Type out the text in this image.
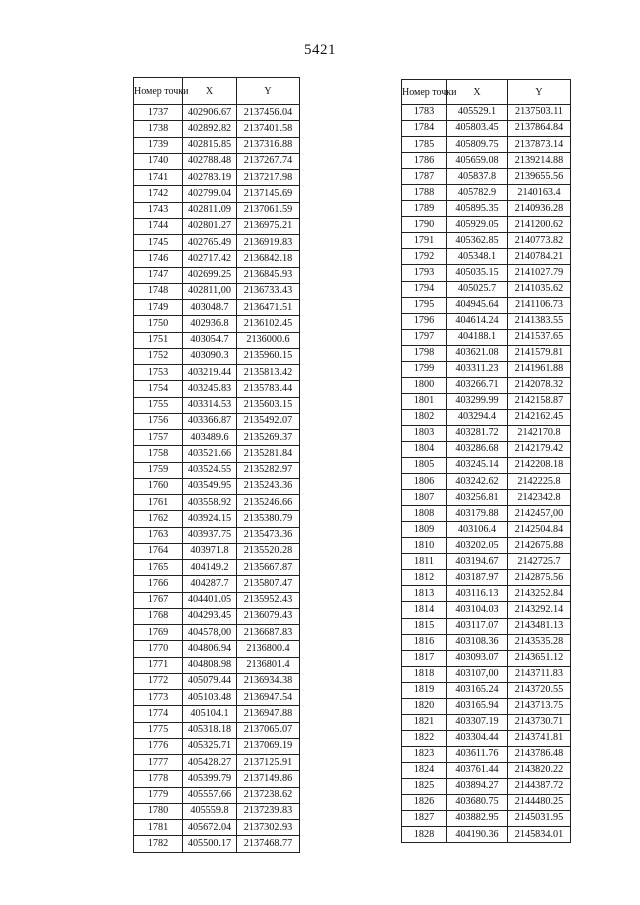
5421
Номер точки	X	Y
1737	402906.67	2137456.04
1738	402892.82	2137401.58
1739	402815.85	2137316.88
1740	402788.48	2137267.74
1741	402783.19	2137217.98
1742	402799.04	2137145.69
1743	402811.09	2137061.59
1744	402801.27	2136975.21
1745	402765.49	2136919.83
1746	402717.42	2136842.18
1747	402699.25	2136845.93
1748	402811,00	2136733.43
1749	403048.7	2136471.51
1750	402936.8	2136102.45
1751	403054.7	2136000.6
1752	403090.3	2135960.15
1753	403219.44	2135813.42
1754	403245.83	2135783.44
1755	403314.53	2135603.15
1756	403366.87	2135492.07
1757	403489.6	2135269.37
1758	403521.66	2135281.84
1759	403524.55	2135282.97
1760	403549.95	2135243.36
1761	403558.92	2135246.66
1762	403924.15	2135380.79
1763	403937.75	2135473.36
1764	403971.8	2135520.28
1765	404149.2	2135667.87
1766	404287.7	2135807.47
1767	404401.05	2135952.43
1768	404293.45	2136079.43
1769	404578,00	2136687.83
1770	404806.94	2136800.4
1771	404808.98	2136801.4
1772	405079.44	2136934.38
1773	405103.48	2136947.54
1774	405104.1	2136947.88
1775	405318.18	2137065.07
1776	405325.71	2137069.19
1777	405428.27	2137125.91
1778	405399.79	2137149.86
1779	405557.66	2137238.62
1780	405559.8	2137239.83
1781	405672.04	2137302.93
1782	405500.17	2137468.77
Номер точки	X	Y
1783	405529.1	2137503.11
1784	405803.45	2137864.84
1785	405809.75	2137873.14
1786	405659.08	2139214.88
1787	405837.8	2139655.56
1788	405782.9	2140163.4
1789	405895.35	2140936.28
1790	405929.05	2141200.62
1791	405362.85	2140773.82
1792	405348.1	2140784.21
1793	405035.15	2141027.79
1794	405025.7	2141035.62
1795	404945.64	2141106.73
1796	404614.24	2141383.55
1797	404188.1	2141537.65
1798	403621.08	2141579.81
1799	403311.23	2141961.88
1800	403266.71	2142078.32
1801	403299.99	2142158.87
1802	403294.4	2142162.45
1803	403281.72	2142170.8
1804	403286.68	2142179.42
1805	403245.14	2142208.18
1806	403242.62	2142225.8
1807	403256.81	2142342.8
1808	403179.88	2142457,00
1809	403106.4	2142504.84
1810	403202.05	2142675.88
1811	403194.67	2142725.7
1812	403187.97	2142875.56
1813	403116.13	2143252.84
1814	403104.03	2143292.14
1815	403117.07	2143481.13
1816	403108.36	2143535.28
1817	403093.07	2143651.12
1818	403107,00	2143711.83
1819	403165.24	2143720.55
1820	403165.94	2143713.75
1821	403307.19	2143730.71
1822	403304.44	2143741.81
1823	403611.76	2143786.48
1824	403761.44	2143820.22
1825	403894.27	2144387.72
1826	403680.75	2144480.25
1827	403882.95	2145031.95
1828	404190.36	2145834.01
